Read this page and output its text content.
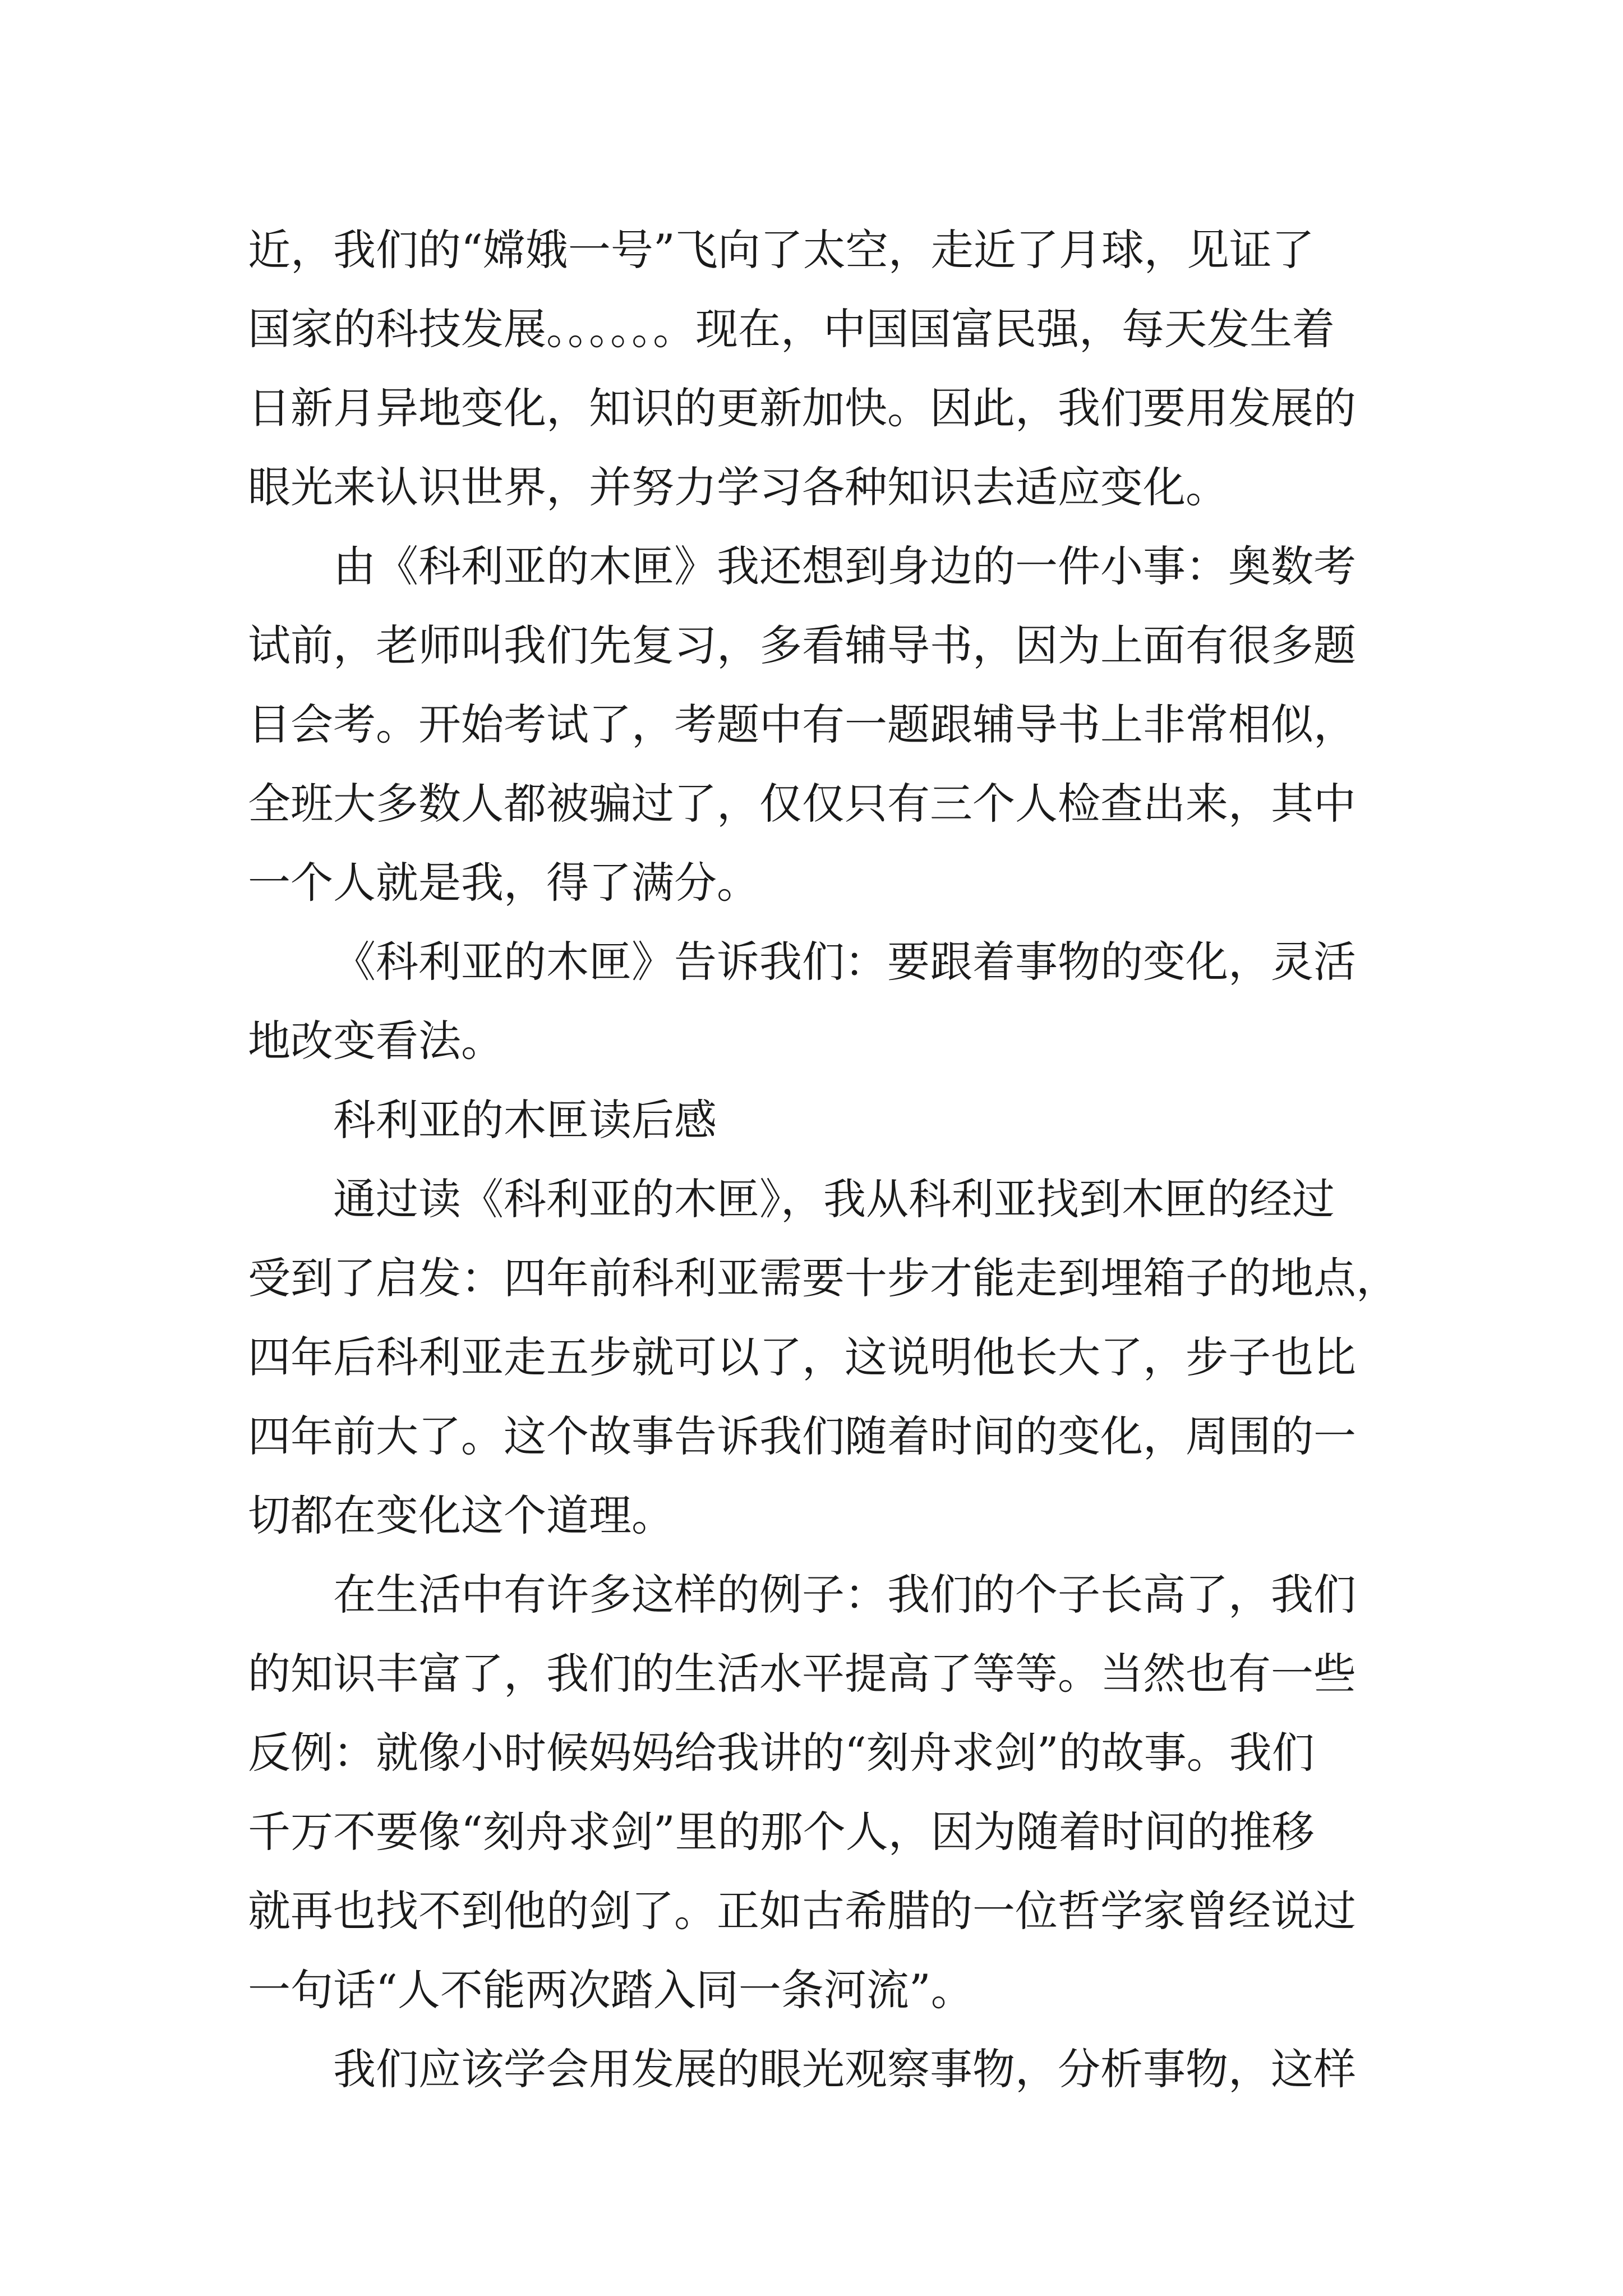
近，我们的“嫦娥一号”飞向了太空，走近了月球，见证了
国家的科技发展。。。。。。现在，中国国富民强，每天发生着
日新月异地变化，知识的更新加快。因此，我们要用发展的
眼光来认识世界，并努力学习各种知识去适应变化。
由《科利亚的木匣》我还想到身边的一件小事：奥数考
试前，老师叫我们先复习，多看辅导书，因为上面有很多题
目会考。开始考试了，考题中有一题跟辅导书上非常相似，
全班大多数人都被骗过了，仅仅只有三个人检查出来，其中
一个人就是我，得了满分。
《科利亚的木匣》告诉我们：要跟着事物的变化，灵活
地改变看法。
科利亚的木匣读后感
通过读《科利亚的木匣》，我从科利亚找到木匣的经过
受到了启发：四年前科利亚需要十步才能走到埋箱子的地点，
四年后科利亚走五步就可以了，这说明他长大了，步子也比
四年前大了。这个故事告诉我们随着时间的变化，周围的一
切都在变化这个道理。
在生活中有许多这样的例子：我们的个子长高了，我们
的知识丰富了，我们的生活水平提高了等等。当然也有一些
反例：就像小时候妈妈给我讲的“刻舟求剑”的故事。我们
千万不要像“刻舟求剑”里的那个人，因为随着时间的推移
就再也找不到他的剑了。正如古希腊的一位哲学家曾经说过
一句话“人不能两次踏入同一条河流”。
我们应该学会用发展的眼光观察事物，分析事物，这样
